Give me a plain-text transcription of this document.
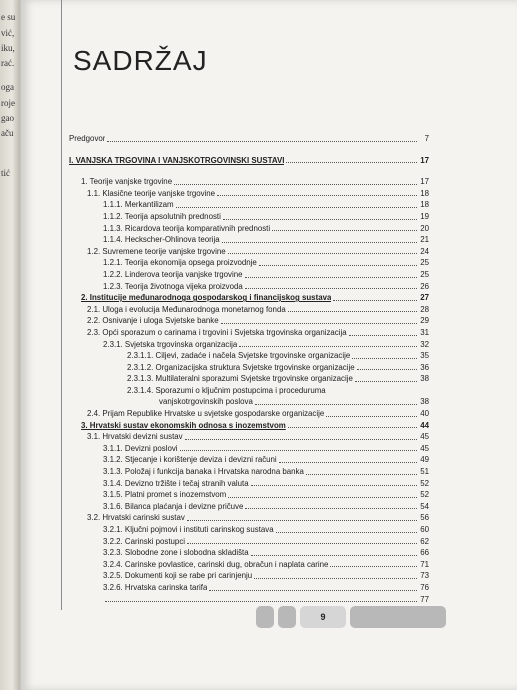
e su
vić,
iku,
rać.
oga
roje
gao
aču
tić
SADRŽAJ
Predgovor	7
I. VANJSKA TRGOVINA I VANJSKOTRGOVINSKI SUSTAVI	17
1. Teorije vanjske trgovine	17
1.1. Klasične teorije vanjske trgovine	18
1.1.1. Merkantilizam	18
1.1.2. Teorija apsolutnih prednosti	19
1.1.3. Ricardova teorija komparativnih prednosti	20
1.1.4. Heckscher-Ohlinova teorija	21
1.2. Suvremene teorije vanjske trgovine	24
1.2.1. Teorija ekonomija opsega proizvodnje	25
1.2.2. Linderova teorija vanjske trgovine	25
1.2.3. Teorija životnoga vijeka proizvoda	26
2. Institucije međunarodnoga gospodarskog i financijskog sustava	27
2.1. Uloga i evolucija Međunarodnoga monetarnog fonda	28
2.2. Osnivanje i uloga Svjetske banke	29
2.3. Opći sporazum o carinama i trgovini i Svjetska trgovinska organizacija	31
2.3.1. Svjetska trgovinska organizacija	32
2.3.1.1. Ciljevi, zadaće i načela Svjetske trgovinske organizacije	35
2.3.1.2. Organizacijska struktura Svjetske trgovinske organizacije	36
2.3.1.3. Multilateralni sporazumi Svjetske trgovinske organizacije	38
2.3.1.4. Sporazumi o ključnim postupcima i proceduruma
vanjskotrgovinskih poslova	38
2.4. Prijam Republike Hrvatske u svjetske gospodarske organizacije	40
3. Hrvatski sustav ekonomskih odnosa s inozemstvom	44
3.1. Hrvatski devizni sustav	45
3.1.1. Devizni poslovi	45
3.1.2. Stjecanje i korištenje deviza i devizni računi	49
3.1.3. Položaj i funkcija banaka i Hrvatska narodna banka	51
3.1.4. Devizno tržište i tečaj stranih valuta	52
3.1.5. Platni promet s inozemstvom	52
3.1.6. Bilanca plaćanja i devizne pričuve	54
3.2. Hrvatski carinski sustav	56
3.2.1. Ključni pojmovi i instituti carinskog sustava	60
3.2.2. Carinski postupci	62
3.2.3. Slobodne zone i slobodna skladišta	66
3.2.4. Carinske povlastice, carinski dug, obračun i naplata carine	71
3.2.5. Dokumenti koji se rabe pri carinjenju	73
3.2.6. Hrvatska carinska tarifa	76
77
9
